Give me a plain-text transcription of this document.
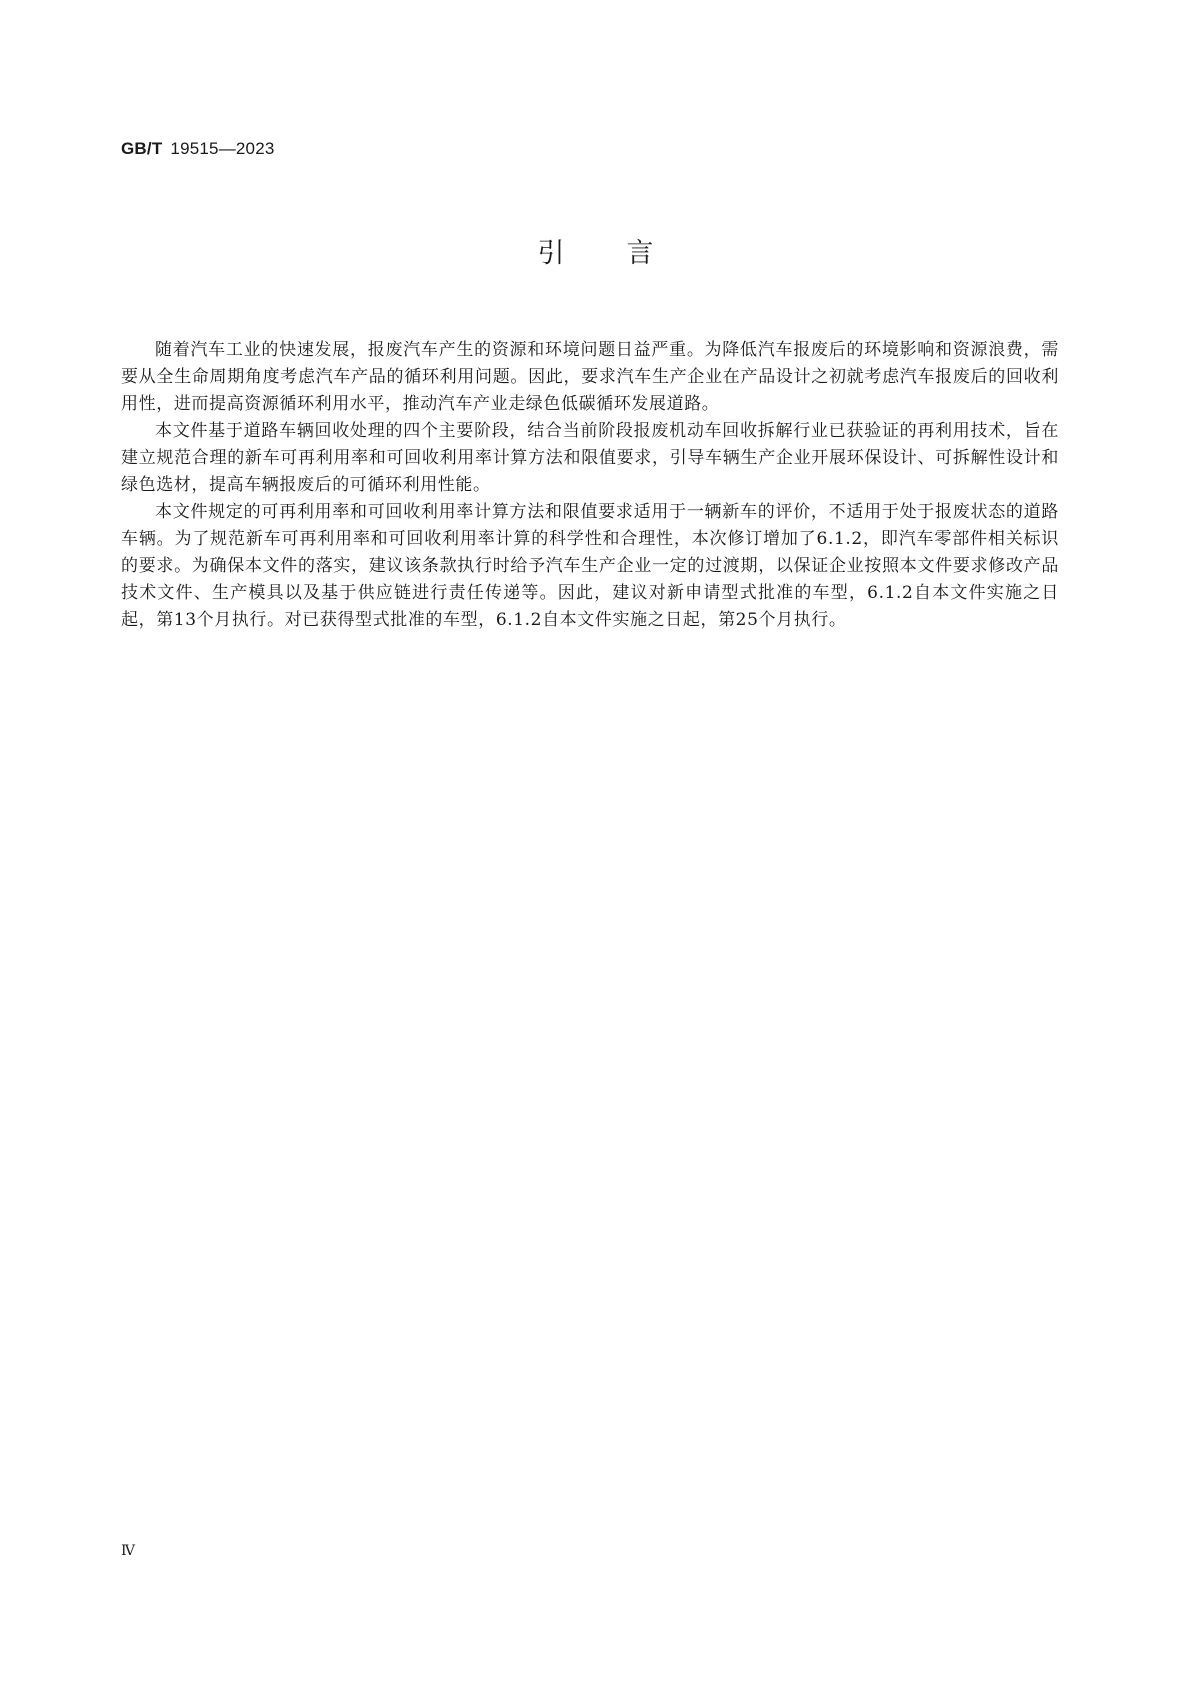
GB/T 19515—2023
引言

随着汽车工业的快速发展，报废汽车产生的资源和环境问题日益严重。为降低汽车报废后的环境影响和资源浪费，需要从全生命周期角度考虑汽车产品的循环利用问题。因此，要求汽车生产企业在产品设计之初就考虑汽车报废后的回收利用性，进而提高资源循环利用水平，推动汽车产业走绿色低碳循环发展道路。

本文件基于道路车辆回收处理的四个主要阶段，结合当前阶段报废机动车回收拆解行业已获验证的再利用技术，旨在建立规范合理的新车可再利用率和可回收利用率计算方法和限值要求，引导车辆生产企业开展环保设计、可拆解性设计和绿色选材，提高车辆报废后的可循环利用性能。

本文件规定的可再利用率和可回收利用率计算方法和限值要求适用于一辆新车的评价，不适用于处于报废状态的道路车辆。为了规范新车可再利用率和可回收利用率计算的科学性和合理性，本次修订增加了6.1.2，即汽车零部件相关标识的要求。为确保本文件的落实，建议该条款执行时给予汽车生产企业一定的过渡期，以保证企业按照本文件要求修改产品技术文件、生产模具以及基于供应链进行责任传递等。因此，建议对新申请型式批准的车型，6.1.2自本文件实施之日起，第13个月执行。对已获得型式批准的车型，6.1.2自本文件实施之日起，第25个月执行。

Ⅳ
